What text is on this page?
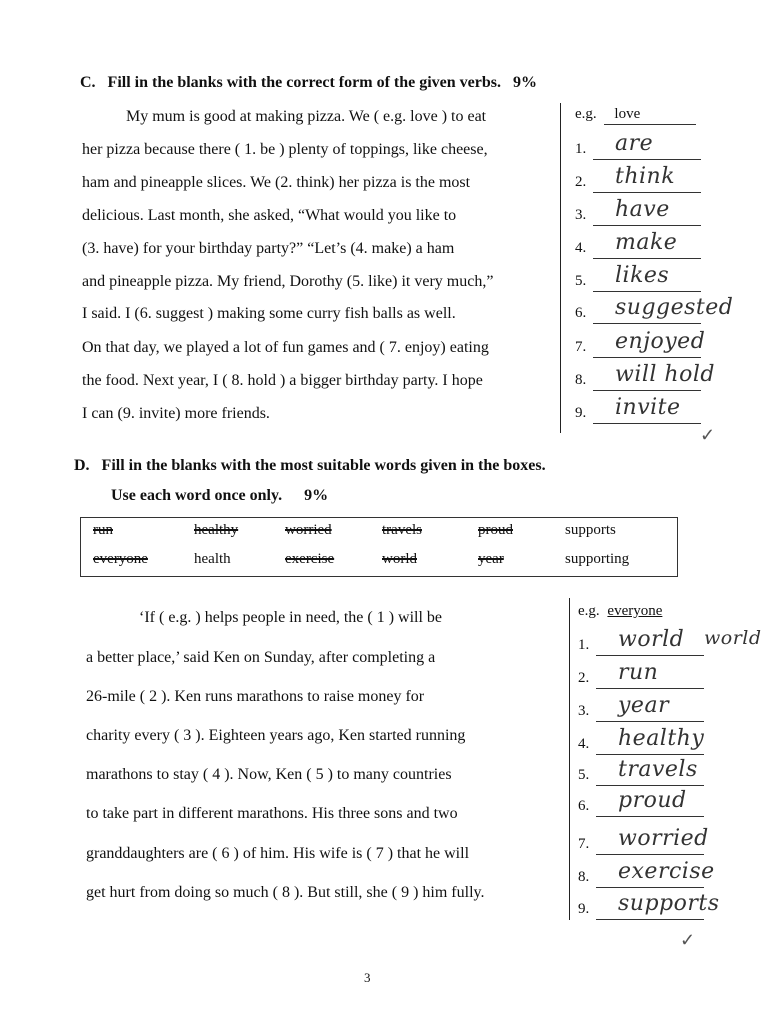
C.   Fill in the blanks with the correct form of the given verbs. 9%
My mum is good at making pizza. We ( e.g. love ) to eat
her pizza because there ( 1. be ) plenty of toppings, like cheese,
ham and pineapple slices. We (2. think) her pizza is the most
delicious. Last month, she asked, “What would you like to
(3. have) for your birthday party?” “Let’s (4. make) a ham
and pineapple pizza. My friend, Dorothy (5. like) it very much,”
I said. I (6. suggest ) making some curry fish balls as well.
On that day, we played a lot of fun games and ( 7. enjoy) eating
the food. Next year, I ( 8. hold ) a bigger birthday party. I hope
I can (9. invite) more friends.
e.g. love
1.	are
2.	think
3.	have
4.	make
5.	likes
6.	suggested
7.	enjoyed
8.	will hold
9.	invite
D.   Fill in the blanks with the most suitable words given in the boxes.
Use each word once only. 9%
run	healthy	worried	travels	proud	supports
everyone	health	exercise	world	year	supporting
‘If ( e.g. ) helps people in need, the ( 1 ) will be
a better place,’ said Ken on Sunday, after completing a
26-mile ( 2 ). Ken runs marathons to raise money for
charity every ( 3 ). Eighteen years ago, Ken started running
marathons to stay ( 4 ). Now, Ken ( 5 ) to many countries
to take part in different marathons. His three sons and two
granddaughters are ( 6 ) of him. His wife is ( 7 ) that he will
get hurt from doing so much ( 8 ). But still, she ( 9 ) him fully.
e.g. everyone
1.	world world
2.	run
3.	year
4.	healthy
5.	travels
6.	proud
7.	worried
8.	exercise
9.	supports
3
✓
✓
